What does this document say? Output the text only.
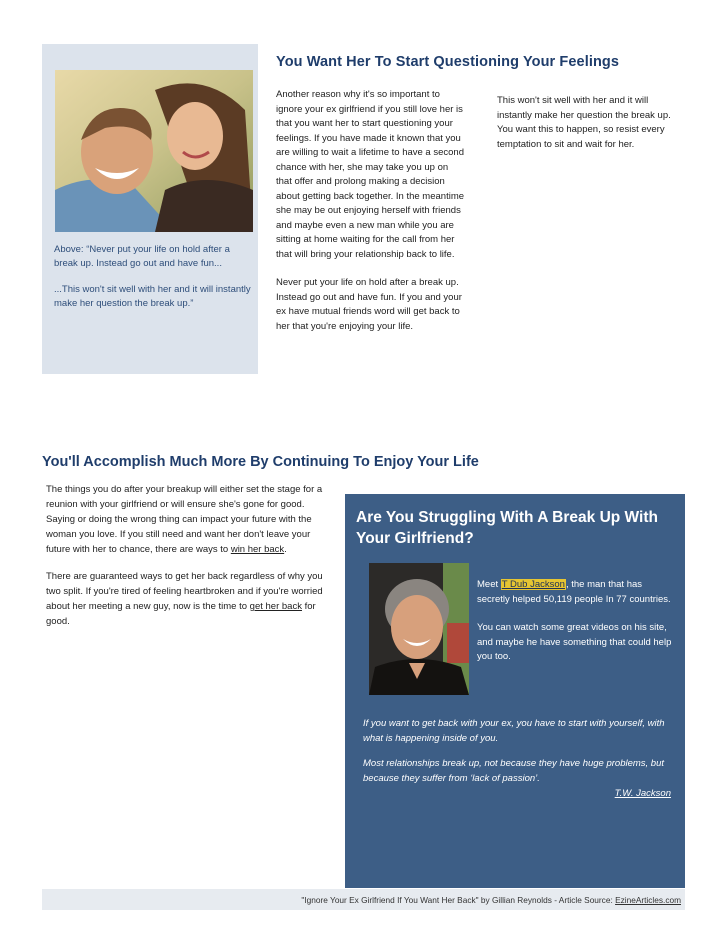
Above: “Never put your life on hold after a break up. Instead go out and have fun...

...This won't sit well with her and it will instantly make her question the break up.”

You Want Her To Start Questioning Your Feelings

Another reason why it's so important to ignore your ex girlfriend if you still love her is that you want her to start questioning your feelings. If you have made it known that you are willing to wait a lifetime to have a second chance with her, she may take you up on that offer and prolong making a decision about getting back together. In the meantime she may be out enjoying herself with friends and maybe even a new man while you are sitting at home waiting for the call from her that will bring your relationship back to life.

Never put your life on hold after a break up. Instead go out and have fun. If you and your ex have mutual friends word will get back to her that you're enjoying your life.

This won't sit well with her and it will instantly make her question the break up. You want this to happen, so resist every temptation to sit and wait for her.

You'll Accomplish Much More By Continuing To Enjoy Your Life

The things you do after your breakup will either set the stage for a reunion with your girlfriend or will ensure she's gone for good. Saying or doing the wrong thing can impact your future with the woman you love. If you still need and want her don't leave your future with her to chance, there are ways to win her back.

There are guaranteed ways to get her back regardless of why you two split. If you're tired of feeling heartbroken and if you're worried about her meeting a new guy, now is the time to get her back for good.

Are You Struggling With A Break Up With Your Girlfriend?

Meet T Dub Jackson, the man that has secretly helped 50,119 people In 77 countries.

You can watch some great videos on his site, and maybe he have something that could help you too.

If you want to get back with your ex, you have to start with yourself, with what is happening inside of you.

Most relationships break up, not because they have huge problems, but because they suffer from ‘lack of passion’.

T.W. Jackson

"Ignore Your Ex Girlfriend If You Want Her Back" by Gillian Reynolds - Article Source: EzineArticles.com
